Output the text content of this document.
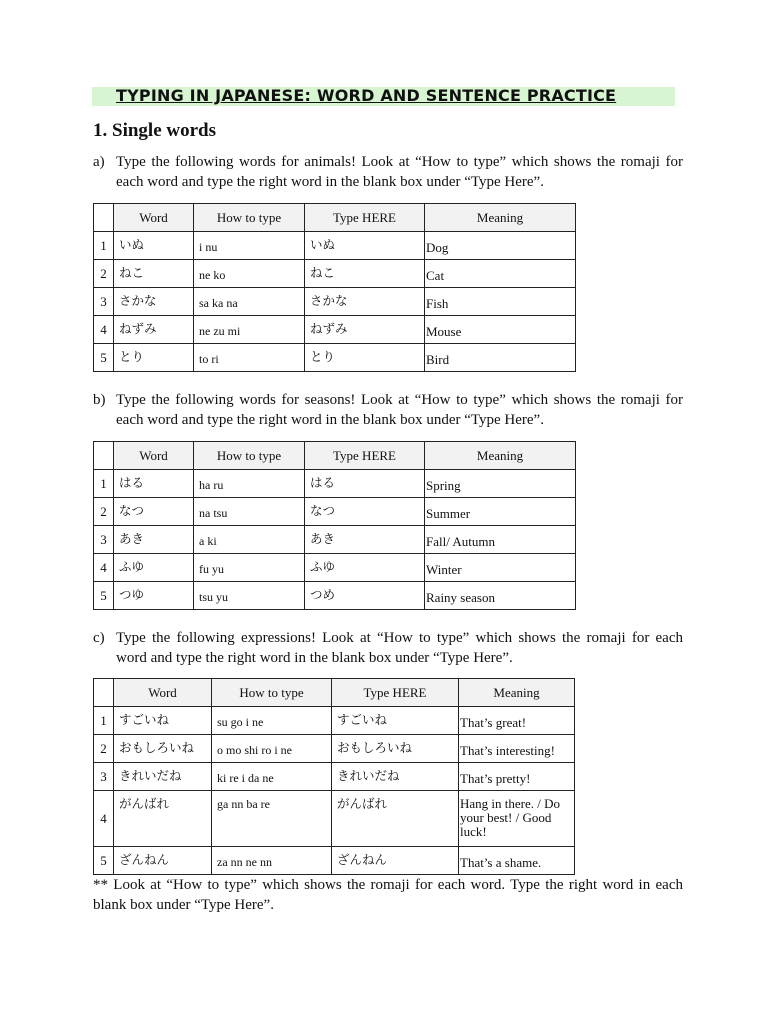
TYPING IN JAPANESE: WORD AND SENTENCE PRACTICE
1. Single words
a) Type the following words for animals! Look at “How to type” which shows the romaji for each word and type the right word in the blank box under “Type Here”.
	Word	How to type	Type HERE	Meaning
1	いぬ	i nu	いぬ	Dog
2	ねこ	ne ko	ねこ	Cat
3	さかな	sa ka na	さかな	Fish
4	ねずみ	ne zu mi	ねずみ	Mouse
5	とり	to ri	とり	Bird
b) Type the following words for seasons! Look at “How to type” which shows the romaji for each word and type the right word in the blank box under “Type Here”.
	Word	How to type	Type HERE	Meaning
1	はる	ha ru	はる	Spring
2	なつ	na tsu	なつ	Summer
3	あき	a ki	あき	Fall/ Autumn
4	ふゆ	fu yu	ふゆ	Winter
5	つゆ	tsu yu	つめ	Rainy season
c) Type the following expressions! Look at “How to type” which shows the romaji for each word and type the right word in the blank box under “Type Here”.
	Word	How to type	Type HERE	Meaning
1	すごいね	su go i ne	すごいね	That’s great!
2	おもしろいね	o mo shi ro i ne	おもしろいね	That’s interesting!
3	きれいだね	ki re i da ne	きれいだね	That’s pretty!
4	がんばれ	ga nn ba re	がんばれ	Hang in there. / Do your best! / Good luck!
5	ざんねん	za nn ne nn	ざんねん	That’s a shame.
** Look at “How to type” which shows the romaji for each word. Type the right word in each blank box under “Type Here”.
